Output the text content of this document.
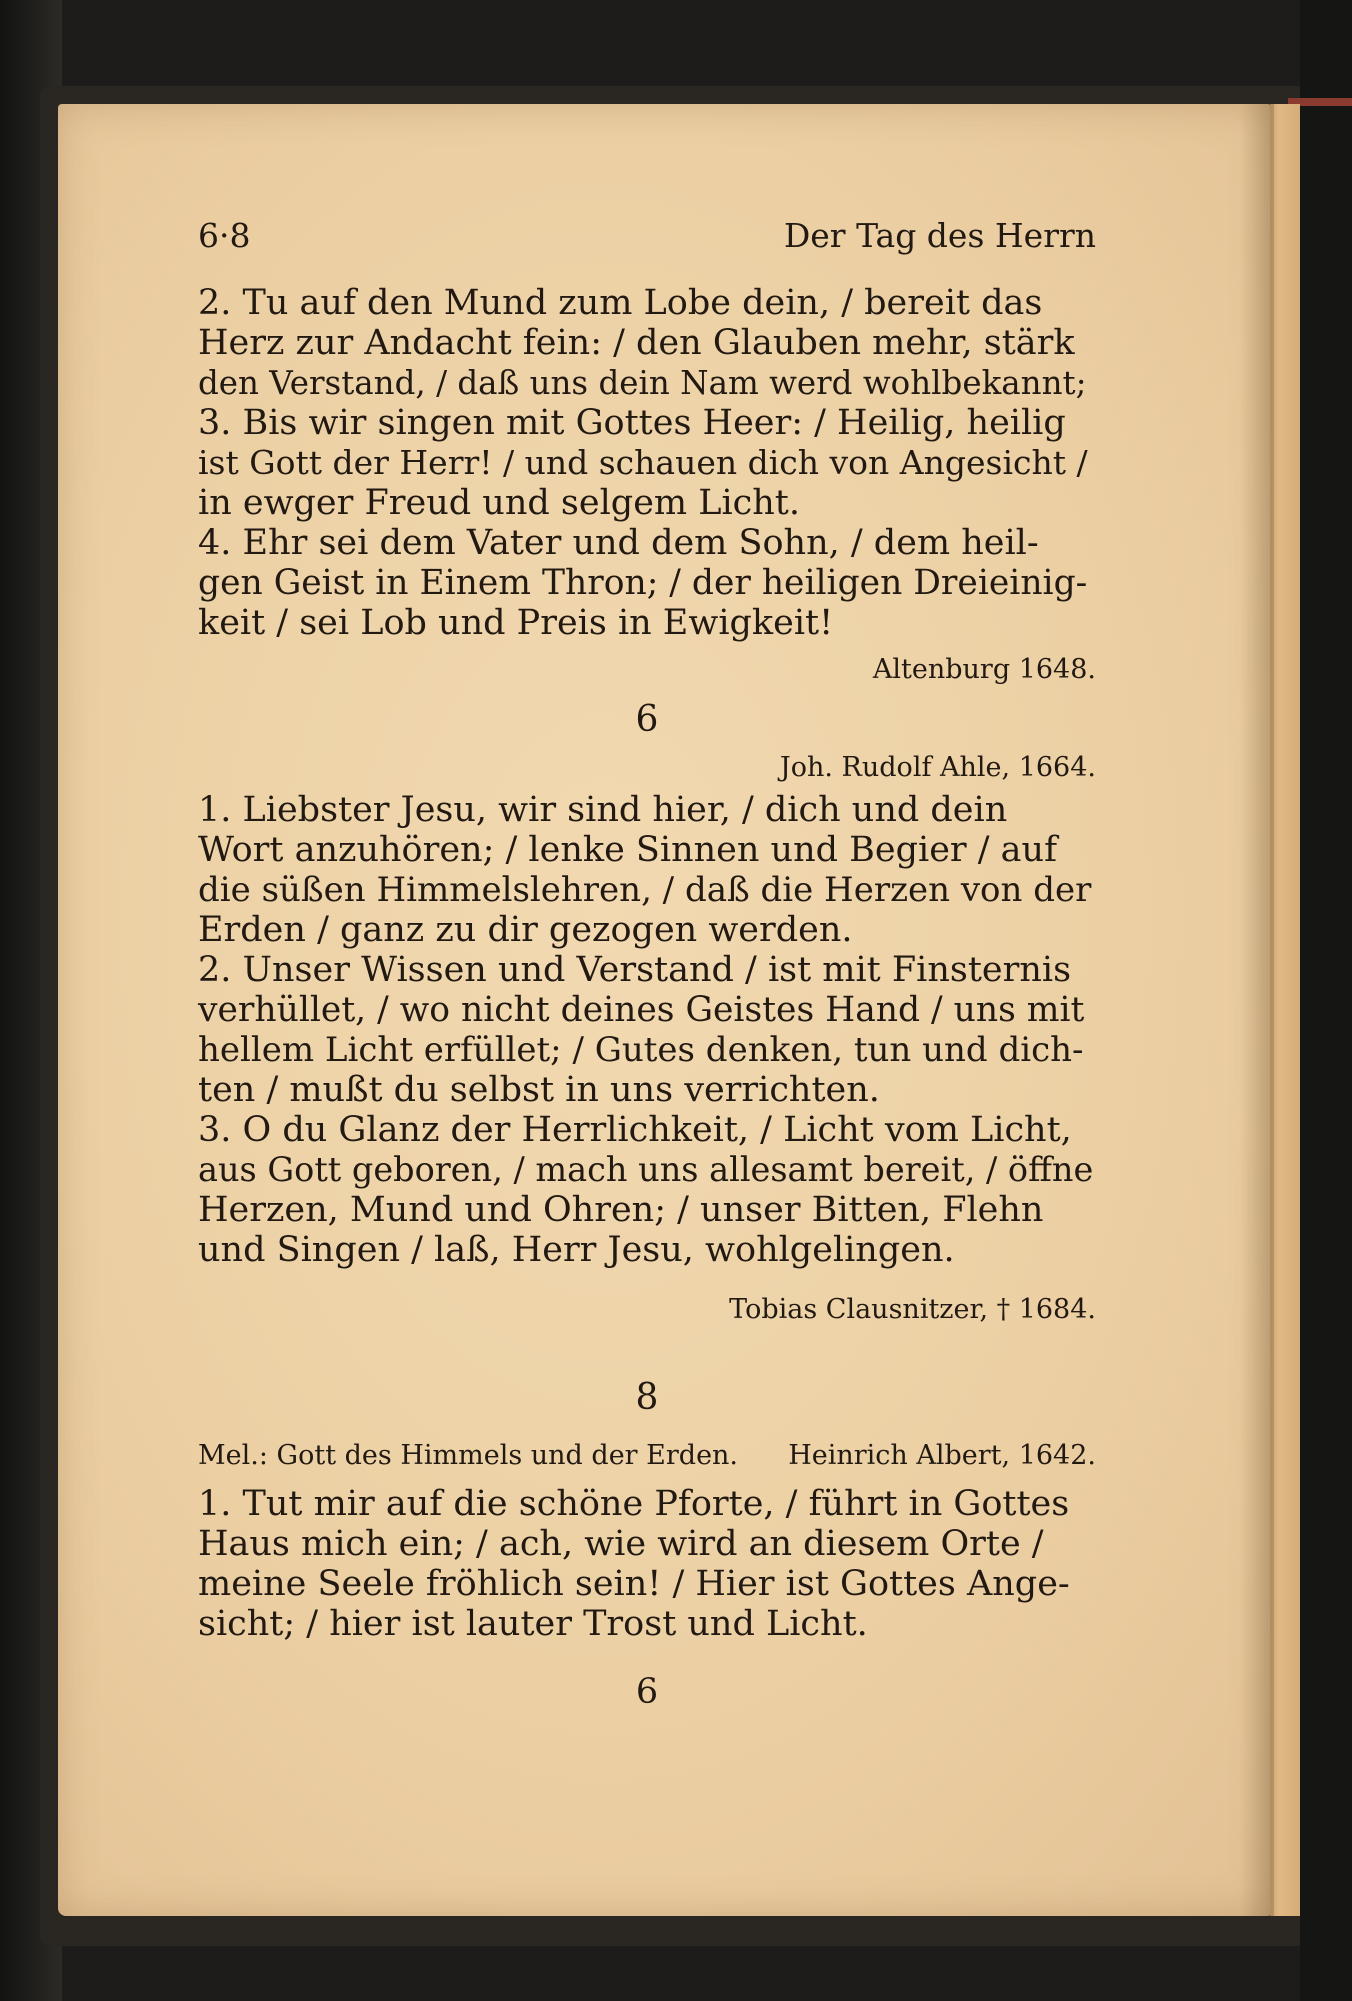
6·8	Der Tag des Herrn
2. Tu auf den Mund zum Lobe dein, / bereit das
Herz zur Andacht fein: / den Glauben mehr, stärk
den Verstand, / daß uns dein Nam werd wohlbekannt;
3. Bis wir singen mit Gottes Heer: / Heilig, heilig
ist Gott der Herr! / und schauen dich von Angesicht /
in ewger Freud und selgem Licht.
4. Ehr sei dem Vater und dem Sohn, / dem heil-
gen Geist in Einem Thron; / der heiligen Dreieinig-
keit / sei Lob und Preis in Ewigkeit!
Altenburg 1648.
6
Joh. Rudolf Ahle, 1664.
1. Liebster Jesu, wir sind hier, / dich und dein
Wort anzuhören; / lenke Sinnen und Begier / auf
die süßen Himmelslehren, / daß die Herzen von der
Erden / ganz zu dir gezogen werden.
2. Unser Wissen und Verstand / ist mit Finsternis
verhüllet, / wo nicht deines Geistes Hand / uns mit
hellem Licht erfüllet; / Gutes denken, tun und dich-
ten / mußt du selbst in uns verrichten.
3. O du Glanz der Herrlichkeit, / Licht vom Licht,
aus Gott geboren, / mach uns allesamt bereit, / öffne
Herzen, Mund und Ohren; / unser Bitten, Flehn
und Singen / laß, Herr Jesu, wohlgelingen.
Tobias Clausnitzer, † 1684.
8
Mel.: Gott des Himmels und der Erden. Heinrich Albert, 1642.
1. Tut mir auf die schöne Pforte, / führt in Gottes
Haus mich ein; / ach, wie wird an diesem Orte /
meine Seele fröhlich sein! / Hier ist Gottes Ange-
sicht; / hier ist lauter Trost und Licht.
6
